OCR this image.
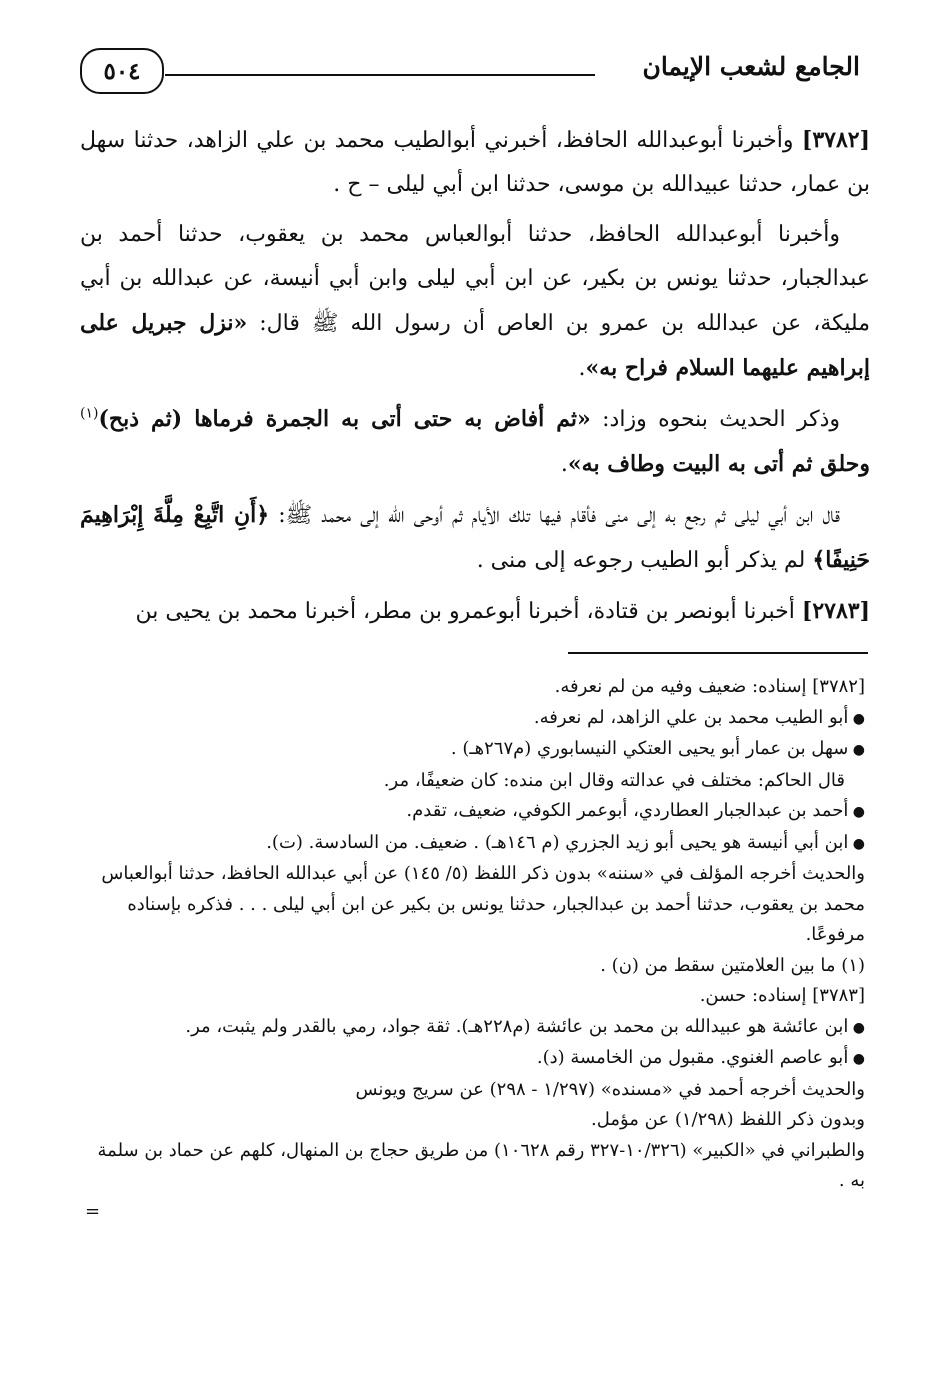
الجامع لشعب الإيمان
٥٠٤

[٣٧٨٢] وأخبرنا أبوعبدالله الحافظ، أخبرني أبوالطيب محمد بن علي الزاهد، حدثنا سهل بن عمار، حدثنا عبيدالله بن موسى، حدثنا ابن أبي ليلى – ح .

وأخبرنا أبوعبدالله الحافظ، حدثنا أبوالعباس محمد بن يعقوب، حدثنا أحمد بن عبدالجبار، حدثنا يونس بن بكير، عن ابن أبي ليلى وابن أبي أنيسة، عن عبدالله بن أبي مليكة، عن عبدالله بن عمرو بن العاص أن رسول الله ﷺ قال: «نزل جبريل على إبراهيم عليهما السلام فراح به».

وذكر الحديث بنحوه وزاد: «ثم أفاض به حتى أتى به الجمرة فرماها (ثم ذبح)$^{(١)}$ وحلق ثم أتى به البيت وطاف به».

قال ابن أبي ليلى ثم رجع به إلى منى فأقام فيها تلك الأيام ثم أوحى الله إلى محمد ﷺ: ﴿أَنِ اتَّبِعْ مِلَّةَ إِبْرَاهِيمَ حَنِيفًا﴾ لم يذكر أبو الطيب رجوعه إلى منى .

[٢٧٨٣] أخبرنا أبونصر بن قتادة، أخبرنا أبوعمرو بن مطر، أخبرنا محمد بن يحيى بن

[٣٧٨٢] إسناده: ضعيف وفيه من لم نعرفه.

● أبو الطيب محمد بن علي الزاهد، لم نعرفه.

● سهل بن عمار أبو يحيى العتكي النيسابوري (م٢٦٧هـ) .

قال الحاكم: مختلف في عدالته وقال ابن منده: كان ضعيفًا، مر.

● أحمد بن عبدالجبار العطاردي، أبوعمر الكوفي، ضعيف، تقدم.

● ابن أبي أنيسة هو يحيى أبو زيد الجزري (م ١٤٦هـ) . ضعيف. من السادسة. (ت).

والحديث أخرجه المؤلف في «سننه» بدون ذكر اللفظ (٥/ ١٤٥) عن أبي عبدالله الحافظ، حدثنا أبوالعباس محمد بن يعقوب، حدثنا أحمد بن عبدالجبار، حدثنا يونس بن بكير عن ابن أبي ليلى . . . فذكره بإسناده مرفوعًا.

(١) ما بين العلامتين سقط من (ن) .

[٣٧٨٣] إسناده: حسن.

● ابن عائشة هو عبيدالله بن محمد بن عائشة (م٢٢٨هـ). ثقة جواد، رمي بالقدر ولم يثبت، مر.

● أبو عاصم الغنوي. مقبول من الخامسة (د).

والحديث أخرجه أحمد في «مسنده» (١/٢٩٧ - ٢٩٨) عن سريج ويونس

وبدون ذكر اللفظ (١/٢٩٨) عن مؤمل.

والطبراني في «الكبير» (١٠/٣٢٦-٣٢٧ رقم ١٠٦٢٨) من طريق حجاج بن المنهال، كلهم عن حماد بن سلمة به .

=
